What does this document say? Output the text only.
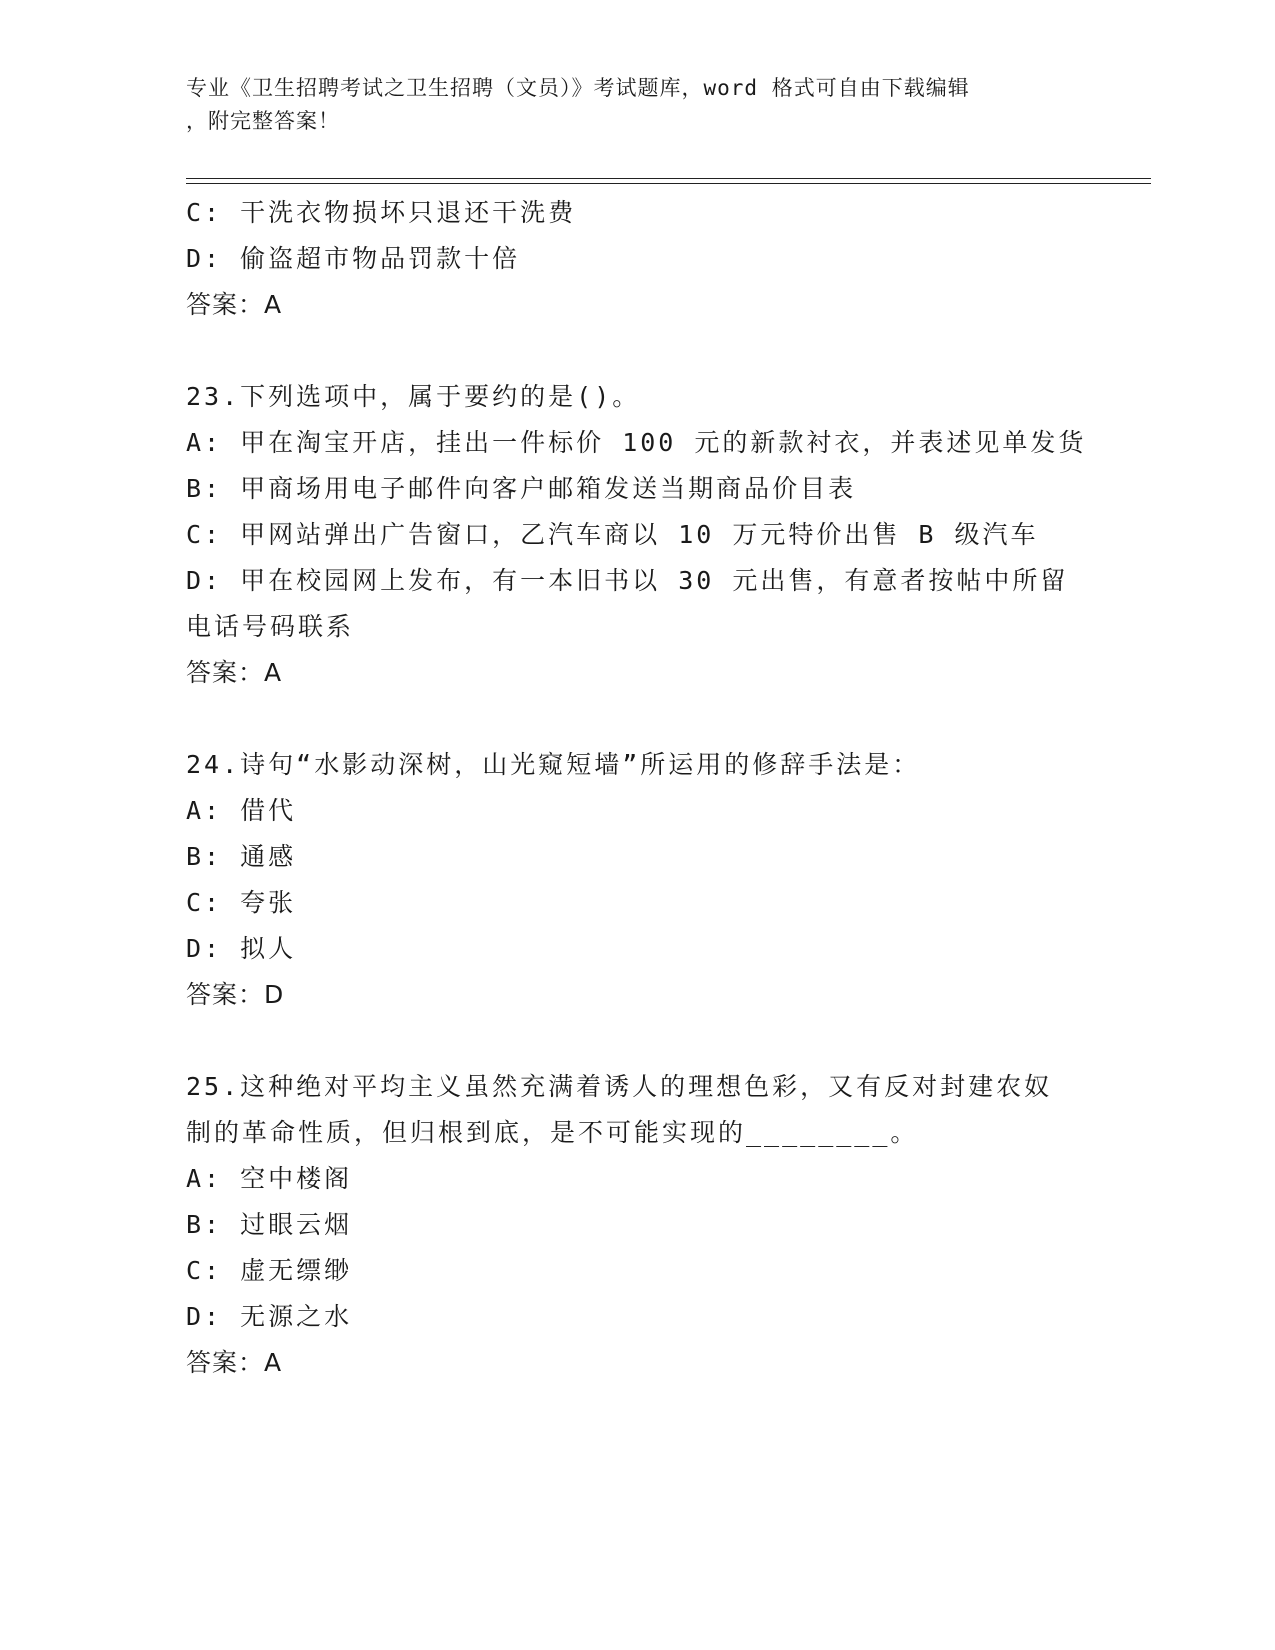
专业《卫生招聘考试之卫生招聘（文员）》考试题库，word 格式可自由下载编辑
，附完整答案！
C: 干洗衣物损坏只退还干洗费
D: 偷盗超市物品罚款十倍
答案：A
23.下列选项中，属于要约的是()。
A: 甲在淘宝开店，挂出一件标价 100 元的新款衬衣，并表述见单发货
B: 甲商场用电子邮件向客户邮箱发送当期商品价目表
C: 甲网站弹出广告窗口，乙汽车商以 10 万元特价出售 B 级汽车
D: 甲在校园网上发布，有一本旧书以 30 元出售，有意者按帖中所留
电话号码联系
答案：A
24.诗句“水影动深树，山光窥短墙”所运用的修辞手法是：
A: 借代
B: 通感
C: 夸张
D: 拟人
答案：D
25.这种绝对平均主义虽然充满着诱人的理想色彩，又有反对封建农奴
制的革命性质，但归根到底，是不可能实现的________。
A: 空中楼阁
B: 过眼云烟
C: 虚无缥缈
D: 无源之水
答案：A
